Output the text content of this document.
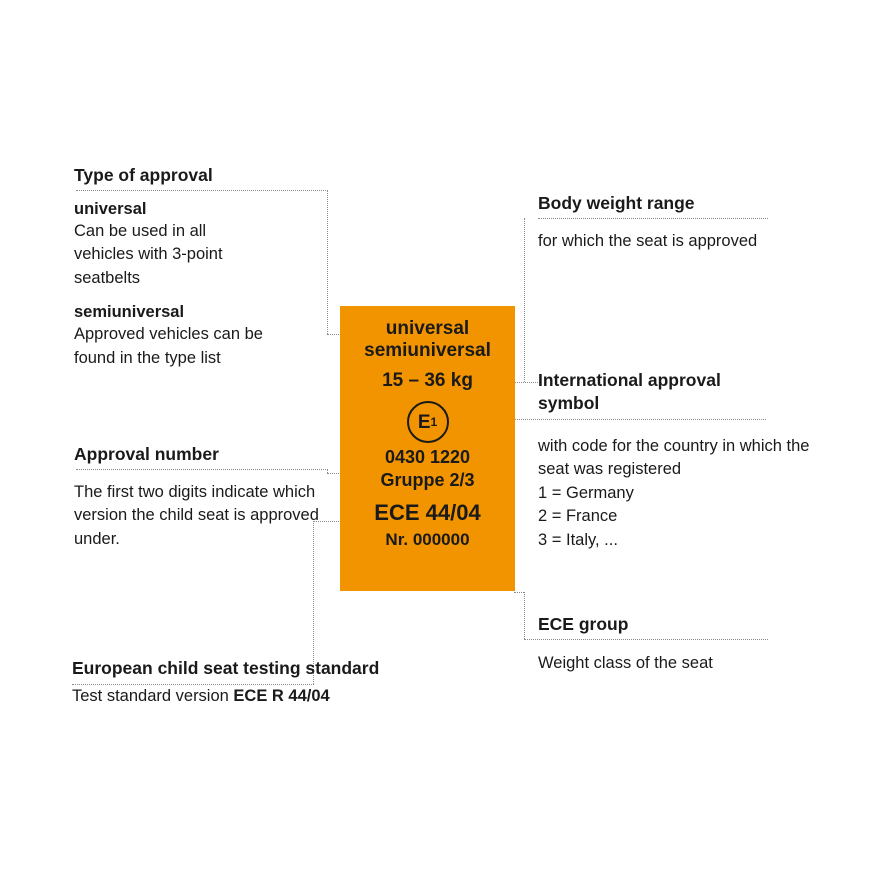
universal
semiuniversal
15 – 36 kg
E 1
0430 1220
Gruppe 2/3
ECE 44/04
Nr. 000000
Type of approval
universal
Can be used in all vehicles with 3-point seatbelts
semiuniversal
Approved vehicles can be found in the type list
Approval number
The first two digits indicate which version the child seat is approved under.
European child seat testing standard
Test standard version ECE R 44/04
Body weight range
for which the seat is approved
International approval
symbol
with code for the country in which the seat was registered
1 = Germany
2 = France
3 = Italy, ...
ECE group
Weight class of the seat
